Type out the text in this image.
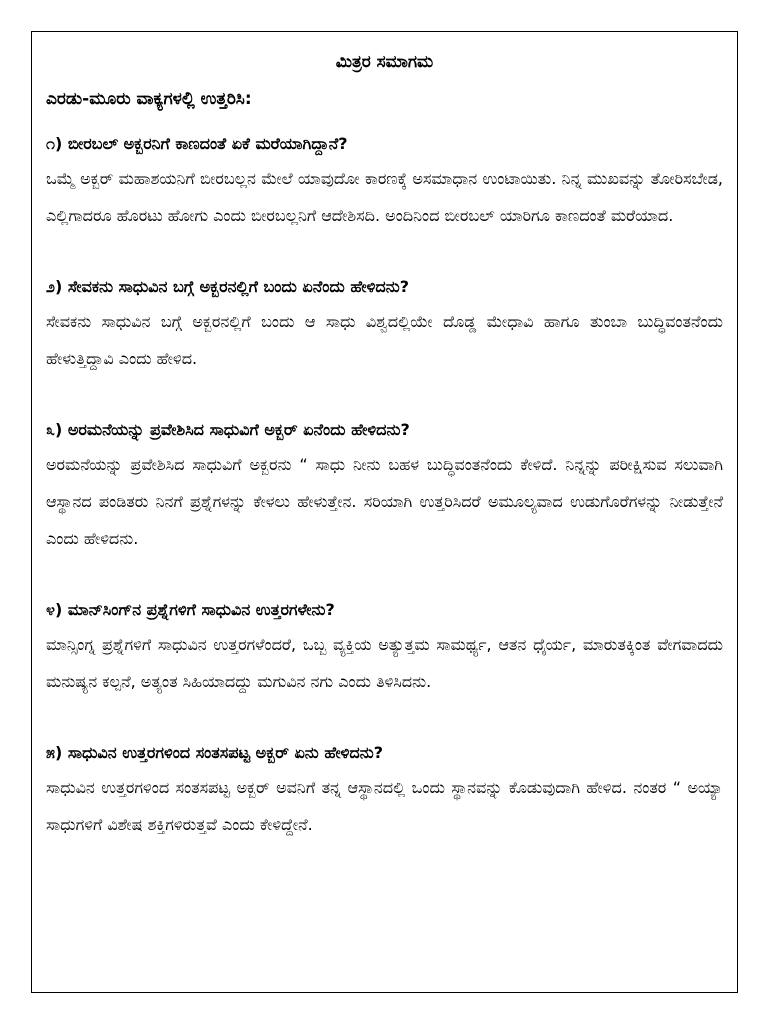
ಮಿತ್ರರ ಸಮಾಗಮ
ಎರಡು-ಮೂರು ವಾಕ್ಯಗಳಲ್ಲಿ ಉತ್ತರಿಸಿ:
೧) ಬೀರಬಲ್ ಅಕ್ಬರನಿಗೆ ಕಾಣದಂತೆ ಏಕೆ ಮರೆಯಾಗಿದ್ದಾನೆ?

ಒಮ್ಮೆ ಅಕ್ಬರ್ ಮಹಾಶಯನಿಗೆ ಬೀರಬಲ್ಲನ ಮೇಲೆ ಯಾವುದೋ ಕಾರಣಕ್ಕೆ ಅಸಮಾಧಾನ ಉಂಟಾಯಿತು. ನಿನ್ನ ಮುಖವನ್ನು ತೋರಿಸಬೇಡ, ಎಲ್ಲಿಗಾದರೂ ಹೊರಟು ಹೋಗು ಎಂದು ಬೀರಬಲ್ಲನಿಗೆ ಆದೇಶಿಸದಿ. ಅಂದಿನಿಂದ ಬೀರಬಲ್ ಯಾರಿಗೂ ಕಾಣದಂತೆ ಮರೆಯಾದ.

೨) ಸೇವಕನು ಸಾಧುವಿನ ಬಗ್ಗೆ ಅಕ್ಬರನಲ್ಲಿಗೆ ಬಂದು ಏನೆಂದು ಹೇಳಿದನು?

ಸೇವಕನು ಸಾಧುವಿನ ಬಗ್ಗೆ ಅಕ್ಬರನಲ್ಲಿಗೆ ಬಂದು ಆ ಸಾಧು ವಿಶ್ವದಲ್ಲಿಯೇ ದೊಡ್ಡ ಮೇಧಾವಿ ಹಾಗೂ ತುಂಬಾ ಬುದ್ಧಿವಂತನೆಂದು ಹೇಳುತ್ತಿದ್ದಾವಿ ಎಂದು ಹೇಳಿದ.

೩) ಅರಮನೆಯನ್ನು ಪ್ರವೇಶಿಸಿದ ಸಾಧುವಿಗೆ ಅಕ್ಬರ್ ಏನೆಂದು ಹೇಳಿದನು?

ಅರಮನೆಯನ್ನು ಪ್ರವೇಶಿಸಿದ ಸಾಧುವಿಗೆ ಅಕ್ಬರನು “ ಸಾಧು ನೀನು ಬಹಳ ಬುದ್ಧಿವಂತನೆಂದು ಕೇಳಿದೆ. ನಿನ್ನನ್ನು ಪರೀಕ್ಷಿಸುವ ಸಲುವಾಗಿ ಆಸ್ಥಾನದ ಪಂಡಿತರು ನಿನಗೆ ಪ್ರಶ್ನೆಗಳನ್ನು ಕೇಳಲು ಹೇಳುತ್ತೇನ. ಸರಿಯಾಗಿ ಉತ್ತರಿಸಿದರೆ ಅಮೂಲ್ಯವಾದ ಉಡುಗೊರೆಗಳನ್ನು ನೀಡುತ್ತೇನೆ ಎಂದು ಹೇಳಿದನು.

೪) ಮಾನ್‌ಸಿಂಗ್‌ನ ಪ್ರಶ್ನೆಗಳಿಗೆ ಸಾಧುವಿನ ಉತ್ತರಗಳೇನು?

ಮಾನ್ಸಿಂಗ್ನ ಪ್ರಶ್ನೆಗಳಿಗೆ ಸಾಧುವಿನ ಉತ್ತರಗಳೆಂದರೆ, ಒಬ್ಬ ವ್ಯಕ್ತಿಯ ಅತ್ಯುತ್ತಮ ಸಾಮರ್ಥ್ಯ, ಆತನ ಧೈರ್ಯ, ಮಾರುತಕ್ಕಿಂತ ವೇಗವಾದದು ಮನುಷ್ಯನ ಕಲ್ಪನೆ, ಅತ್ಯಂತ ಸಿಹಿಯಾದದ್ದು ಮಗುವಿನ ನಗು ಎಂದು ತಿಳಿಸಿದನು.

೫) ಸಾಧುವಿನ ಉತ್ತರಗಳಿಂದ ಸಂತಸಪಟ್ಟ ಅಕ್ಬರ್ ಏನು ಹೇಳಿದನು?

ಸಾಧುವಿನ ಉತ್ತರಗಳಿಂದ ಸಂತಸಪಟ್ಟ ಅಕ್ಬರ್ ಅವನಿಗೆ ತನ್ನ ಆಸ್ಥಾನದಲ್ಲಿ ಒಂದು ಸ್ಥಾನವನ್ನು ಕೊಡುವುದಾಗಿ ಹೇಳಿದ. ನಂತರ “ ಅಯ್ಯಾ ಸಾಧುಗಳಿಗೆ ವಿಶೇಷ ಶಕ್ತಿಗಳಿರುತ್ತವೆ ಎಂದು ಕೇಳಿದ್ದೇನೆ.
